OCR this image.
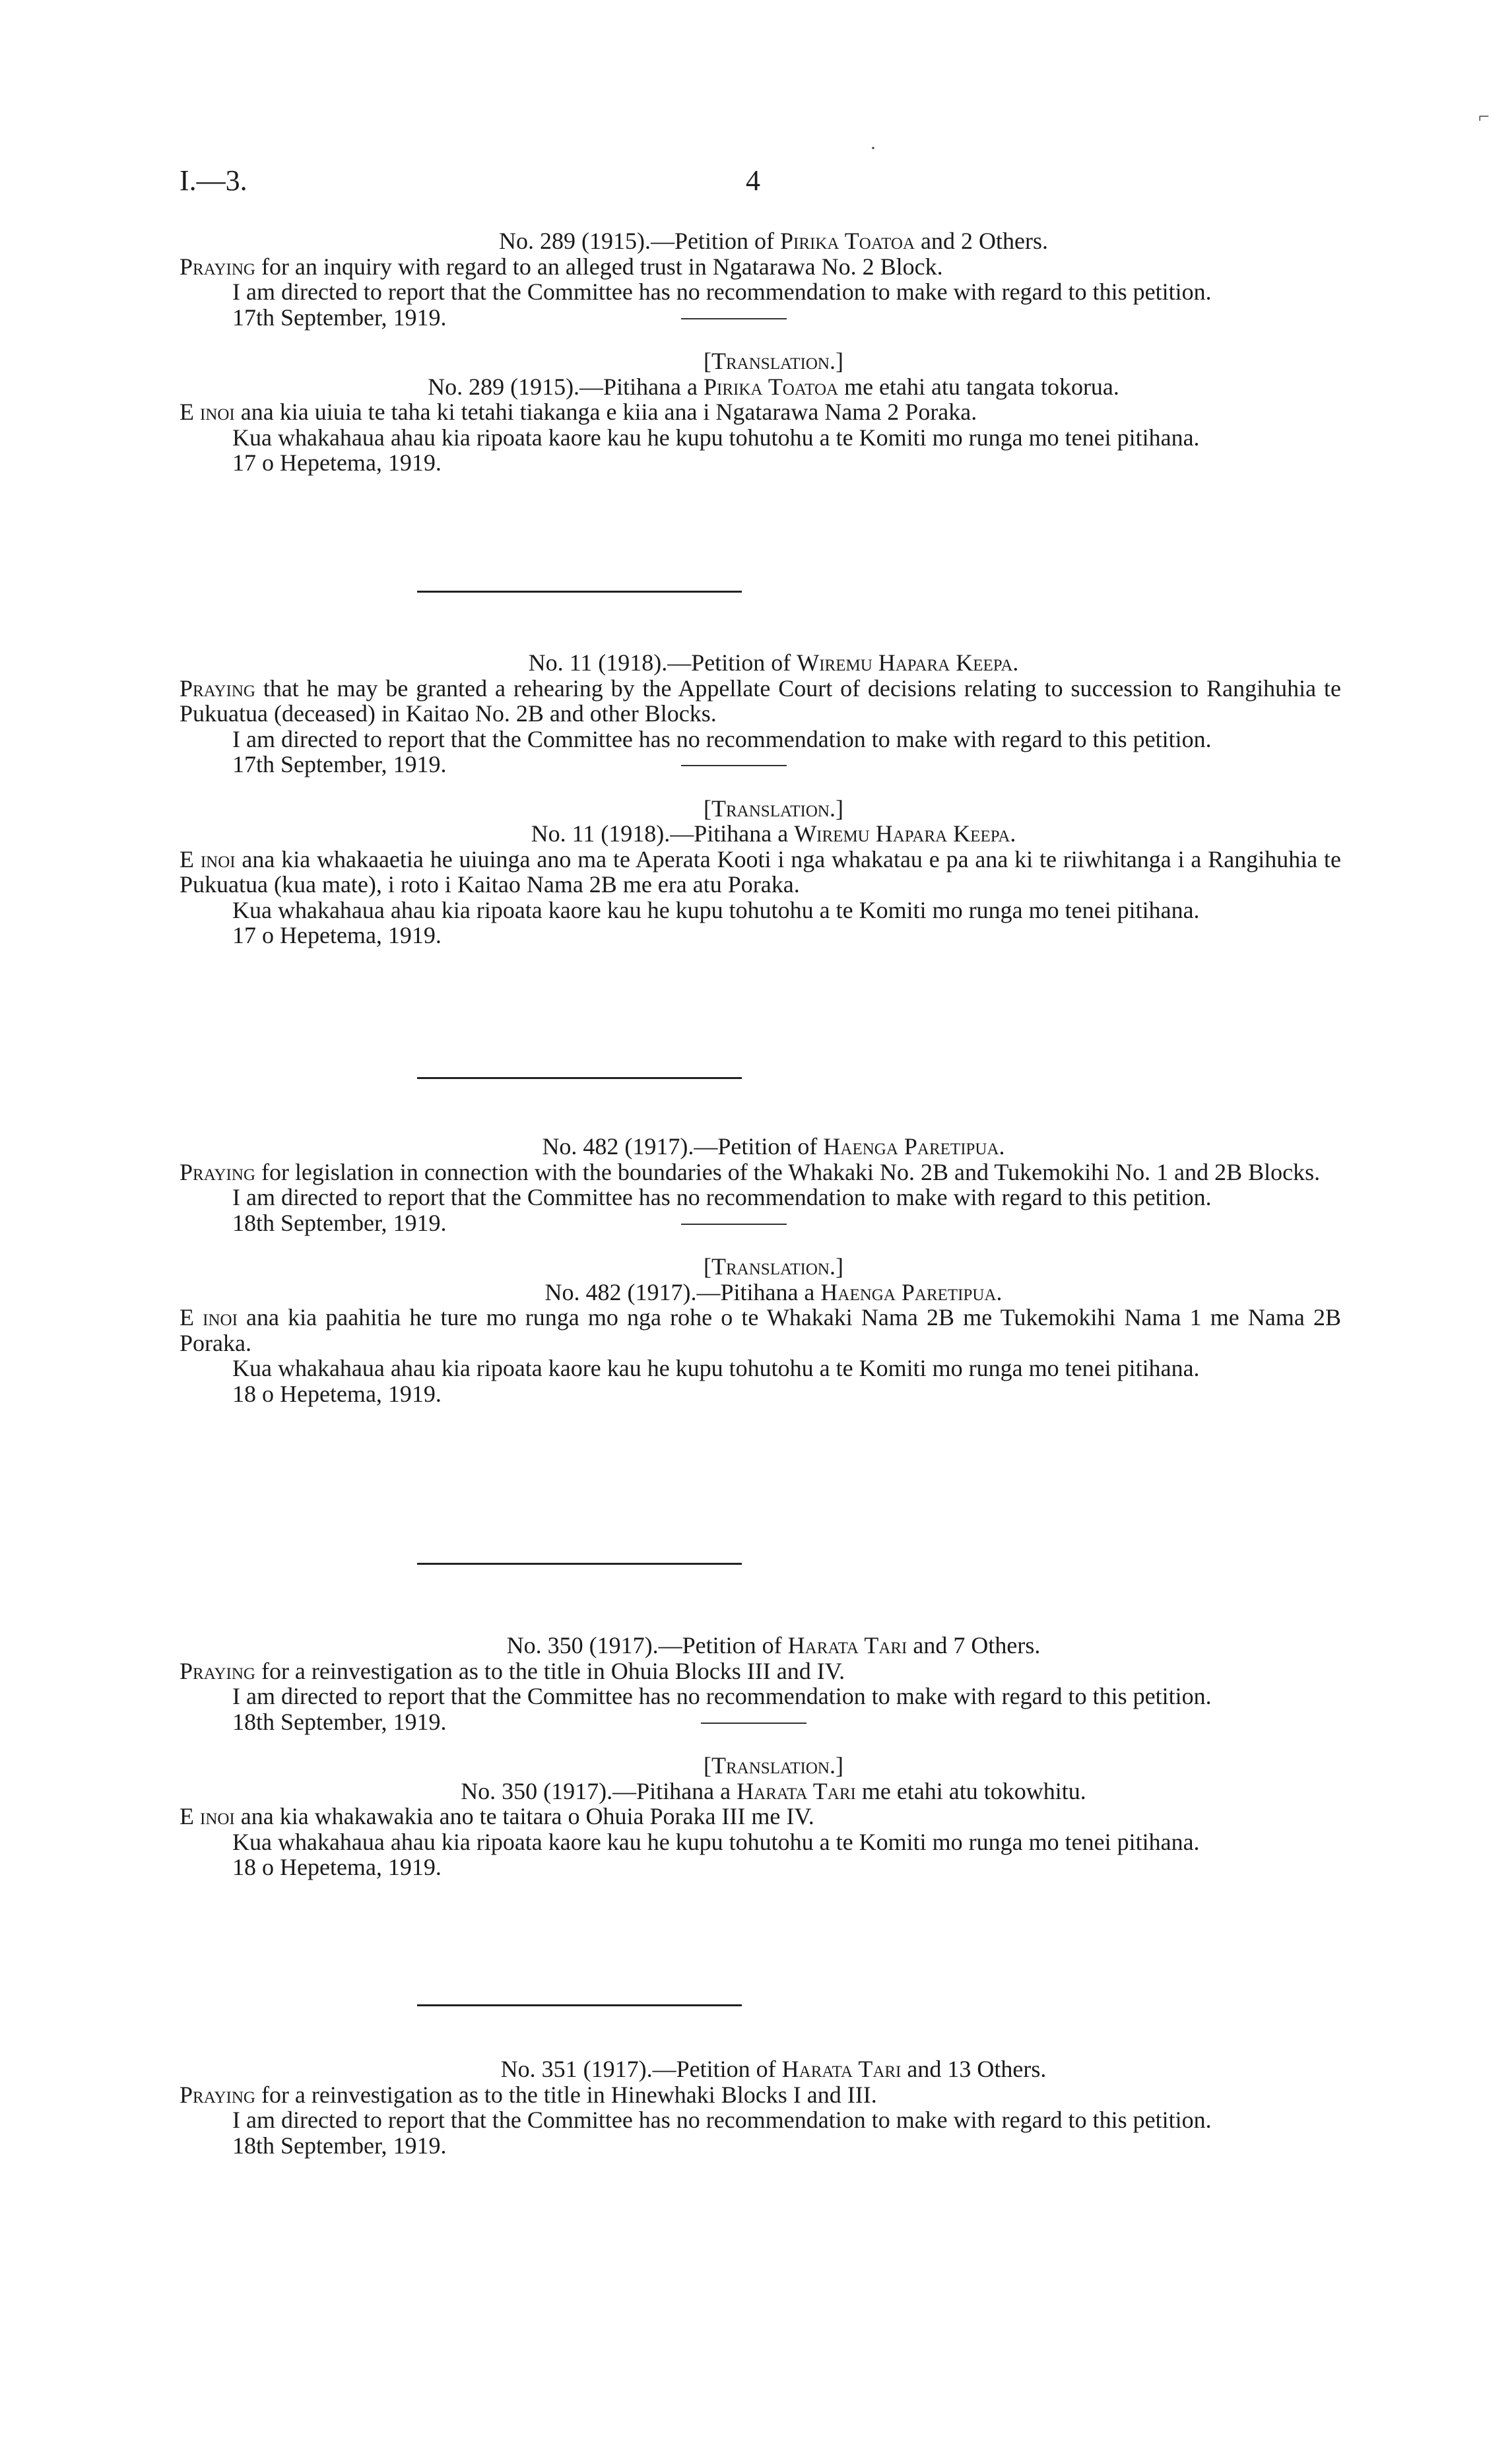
I.—3.	4
·
⌐
No. 289 (1915).—Petition of Pirika Toatoa and 2 Others.
Praying for an inquiry with regard to an alleged trust in Ngatarawa No. 2 Block.
I am directed to report that the Committee has no recommendation to make with regard to this petition.
17th September, 1919.
[Translation.]
No. 289 (1915).—Pitihana a Pirika Toatoa me etahi atu tangata tokorua.
E inoi ana kia uiuia te taha ki tetahi tiakanga e kiia ana i Ngatarawa Nama 2 Poraka.
Kua whakahaua ahau kia ripoata kaore kau he kupu tohutohu a te Komiti mo runga mo tenei pitihana.
17 o Hepetema, 1919.
No. 11 (1918).—Petition of Wiremu Hapara Keepa.
Praying that he may be granted a rehearing by the Appellate Court of decisions relating to succession to Rangihuhia te Pukuatua (deceased) in Kaitao No. 2B and other Blocks.
I am directed to report that the Committee has no recommendation to make with regard to this petition.
17th September, 1919.
[Translation.]
No. 11 (1918).—Pitihana a Wiremu Hapara Keepa.
E inoi ana kia whakaaetia he uiuinga ano ma te Aperata Kooti i nga whakatau e pa ana ki te riiwhitanga i a Rangihuhia te Pukuatua (kua mate), i roto i Kaitao Nama 2B me era atu Poraka.
Kua whakahaua ahau kia ripoata kaore kau he kupu tohutohu a te Komiti mo runga mo tenei pitihana.
17 o Hepetema, 1919.
No. 482 (1917).—Petition of Haenga Paretipua.
Praying for legislation in connection with the boundaries of the Whakaki No. 2B and Tukemokihi No. 1 and 2B Blocks.
I am directed to report that the Committee has no recommendation to make with regard to this petition.
18th September, 1919.
[Translation.]
No. 482 (1917).—Pitihana a Haenga Paretipua.
E inoi ana kia paahitia he ture mo runga mo nga rohe o te Whakaki Nama 2B me Tukemokihi Nama 1 me Nama 2B Poraka.
Kua whakahaua ahau kia ripoata kaore kau he kupu tohutohu a te Komiti mo runga mo tenei pitihana.
18 o Hepetema, 1919.
No. 350 (1917).—Petition of Harata Tari and 7 Others.
Praying for a reinvestigation as to the title in Ohuia Blocks III and IV.
I am directed to report that the Committee has no recommendation to make with regard to this petition.
18th September, 1919.
[Translation.]
No. 350 (1917).—Pitihana a Harata Tari me etahi atu tokowhitu.
E inoi ana kia whakawakia ano te taitara o Ohuia Poraka III me IV.
Kua whakahaua ahau kia ripoata kaore kau he kupu tohutohu a te Komiti mo runga mo tenei pitihana.
18 o Hepetema, 1919.
No. 351 (1917).—Petition of Harata Tari and 13 Others.
Praying for a reinvestigation as to the title in Hinewhaki Blocks I and III.
I am directed to report that the Committee has no recommendation to make with regard to this petition.
18th September, 1919.
